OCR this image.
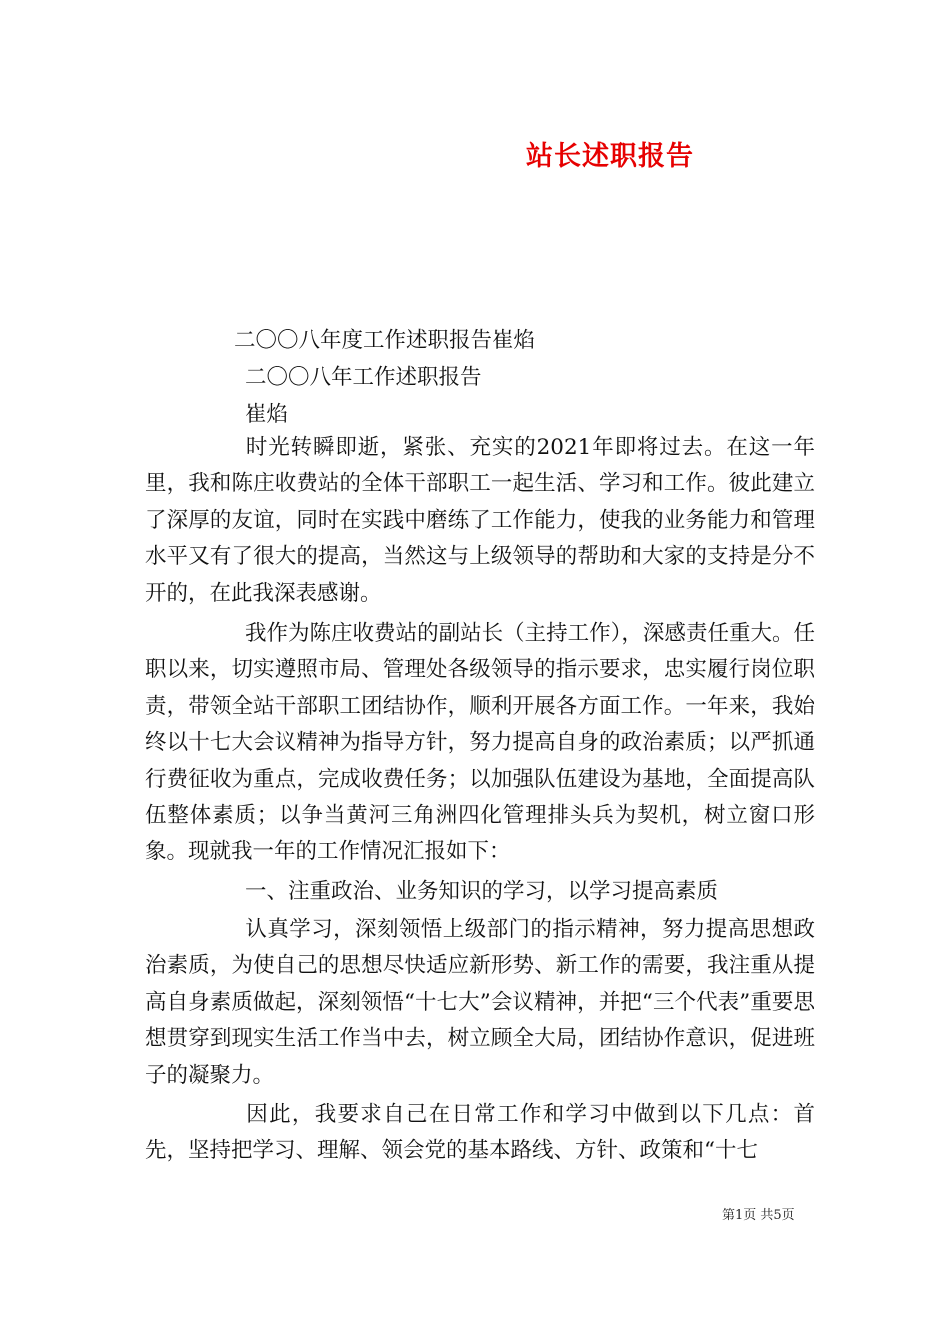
站长述职报告
二〇〇八年度工作述职报告崔焰
二〇〇八年工作述职报告
崔焰
时光转瞬即逝，紧张、充实的2021年即将过去。在这一年里，我和陈庄收费站的全体干部职工一起生活、学习和工作。彼此建立了深厚的友谊，同时在实践中磨练了工作能力，使我的业务能力和管理水平又有了很大的提高，当然这与上级领导的帮助和大家的支持是分不开的，在此我深表感谢。
我作为陈庄收费站的副站长（主持工作），深感责任重大。任职以来，切实遵照市局、管理处各级领导的指示要求，忠实履行岗位职责，带领全站干部职工团结协作，顺利开展各方面工作。一年来，我始终以十七大会议精神为指导方针，努力提高自身的政治素质；以严抓通行费征收为重点，完成收费任务；以加强队伍建设为基地，全面提高队伍整体素质；以争当黄河三角洲四化管理排头兵为契机，树立窗口形象。现就我一年的工作情况汇报如下：
一、注重政治、业务知识的学习，以学习提高素质
认真学习，深刻领悟上级部门的指示精神，努力提高思想政治素质，为使自己的思想尽快适应新形势、新工作的需要，我注重从提高自身素质做起，深刻领悟“十七大”会议精神，并把“三个代表”重要思想贯穿到现实生活工作当中去，树立顾全大局，团结协作意识，促进班子的凝聚力。
因此，我要求自己在日常工作和学习中做到以下几点：首先，坚持把学习、理解、领会党的基本路线、方针、政策和“十七
第1页 共5页
